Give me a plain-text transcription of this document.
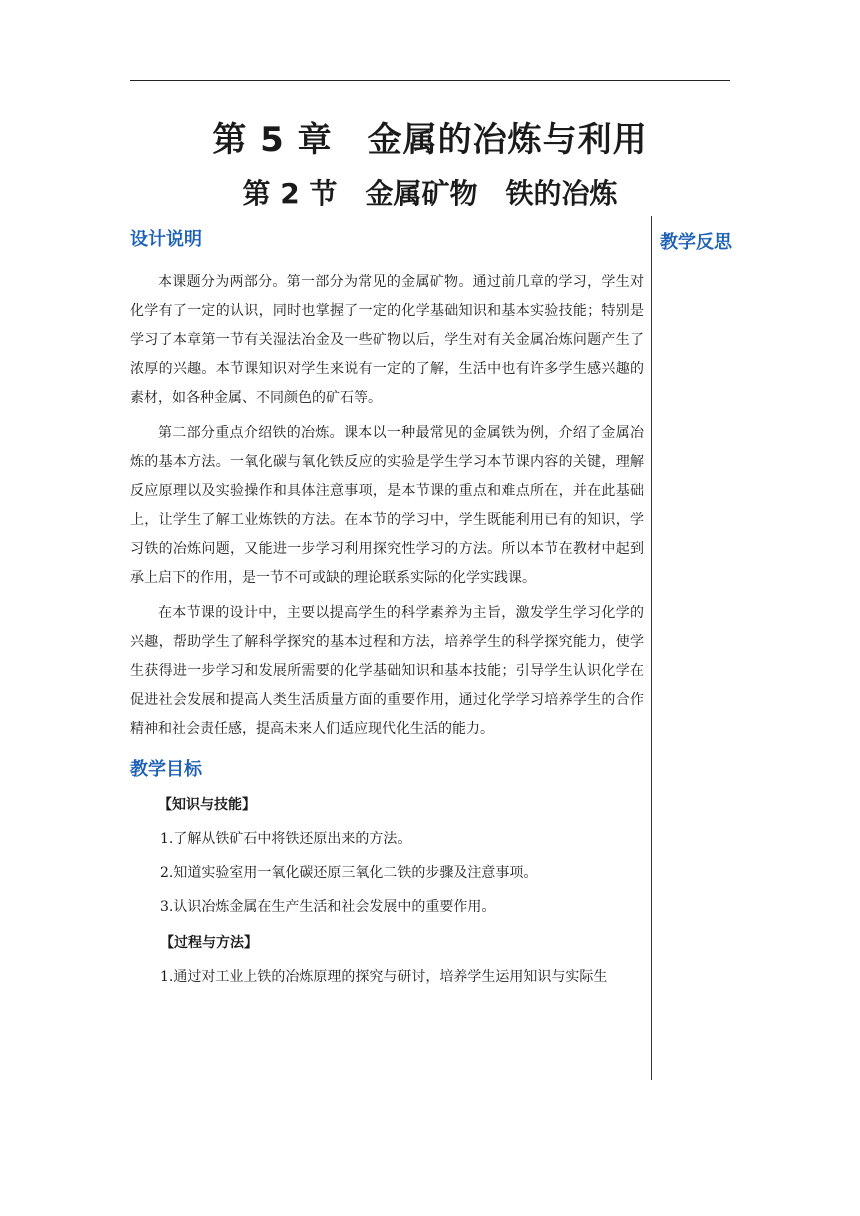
第 5 章　金属的冶炼与利用
第 2 节　金属矿物　铁的冶炼
教学反思
设计说明

本课题分为两部分。第一部分为常见的金属矿物。通过前几章的学习，学生对化学有了一定的认识，同时也掌握了一定的化学基础知识和基本实验技能；特别是学习了本章第一节有关湿法冶金及一些矿物以后，学生对有关金属冶炼问题产生了浓厚的兴趣。本节课知识对学生来说有一定的了解，生活中也有许多学生感兴趣的素材，如各种金属、不同颜色的矿石等。

第二部分重点介绍铁的冶炼。课本以一种最常见的金属铁为例，介绍了金属冶炼的基本方法。一氧化碳与氧化铁反应的实验是学生学习本节课内容的关键，理解反应原理以及实验操作和具体注意事项，是本节课的重点和难点所在，并在此基础上，让学生了解工业炼铁的方法。在本节的学习中，学生既能利用已有的知识，学习铁的冶炼问题，又能进一步学习利用探究性学习的方法。所以本节在教材中起到承上启下的作用，是一节不可或缺的理论联系实际的化学实践课。

在本节课的设计中，主要以提高学生的科学素养为主旨，激发学生学习化学的兴趣，帮助学生了解科学探究的基本过程和方法，培养学生的科学探究能力，使学生获得进一步学习和发展所需要的化学基础知识和基本技能；引导学生认识化学在促进社会发展和提高人类生活质量方面的重要作用，通过化学学习培养学生的合作精神和社会责任感，提高未来人们适应现代化生活的能力。

教学目标
【知识与技能】

1.了解从铁矿石中将铁还原出来的方法。

2.知道实验室用一氧化碳还原三氧化二铁的步骤及注意事项。

3.认识冶炼金属在生产生活和社会发展中的重要作用。

【过程与方法】

1.通过对工业上铁的冶炼原理的探究与研讨，培养学生运用知识与实际生
